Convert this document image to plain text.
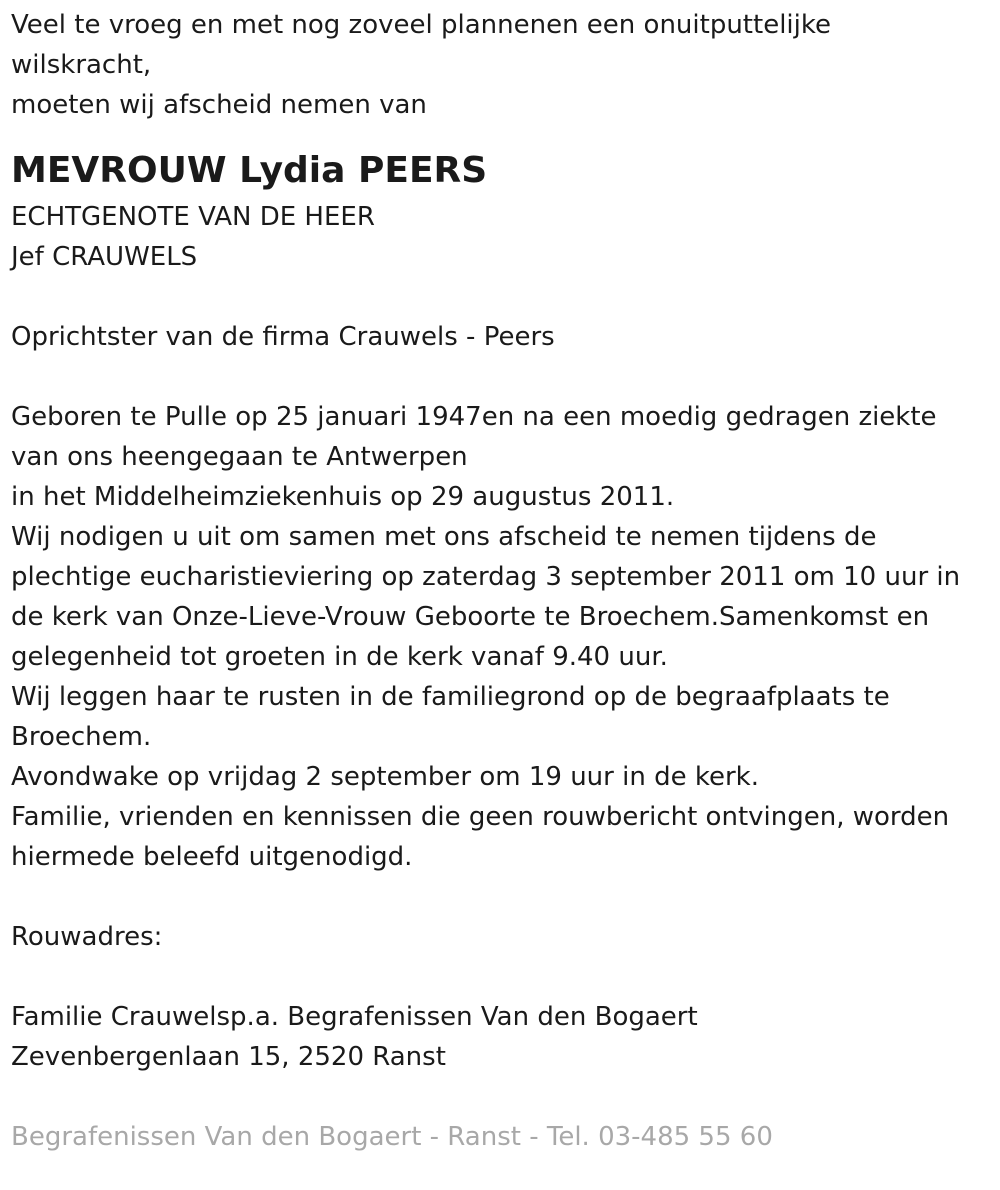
Veel te vroeg en met nog zoveel plannenen een onuitputtelijke
wilskracht,
moeten wij afscheid nemen van
MEVROUW Lydia PEERS
ECHTGENOTE VAN DE HEER
Jef CRAUWELS
Oprichtster van de firma Crauwels - Peers
Geboren te Pulle op 25 januari 1947en na een moedig gedragen ziekte
van ons heengegaan te Antwerpen
in het Middelheimziekenhuis op 29 augustus 2011.
Wij nodigen u uit om samen met ons afscheid te nemen tijdens de
plechtige eucharistieviering op zaterdag 3 september 2011 om 10 uur in
de kerk van Onze-Lieve-Vrouw Geboorte te Broechem.Samenkomst en
gelegenheid tot groeten in de kerk vanaf 9.40 uur.
Wij leggen haar te rusten in de familiegrond op de begraafplaats te
Broechem.
Avondwake op vrijdag 2 september om 19 uur in de kerk.
Familie, vrienden en kennissen die geen rouwbericht ontvingen, worden
hiermede beleefd uitgenodigd.
Rouwadres:
Familie Crauwelsp.a. Begrafenissen Van den Bogaert
Zevenbergenlaan 15, 2520 Ranst
Begrafenissen Van den Bogaert - Ranst - Tel. 03-485 55 60
